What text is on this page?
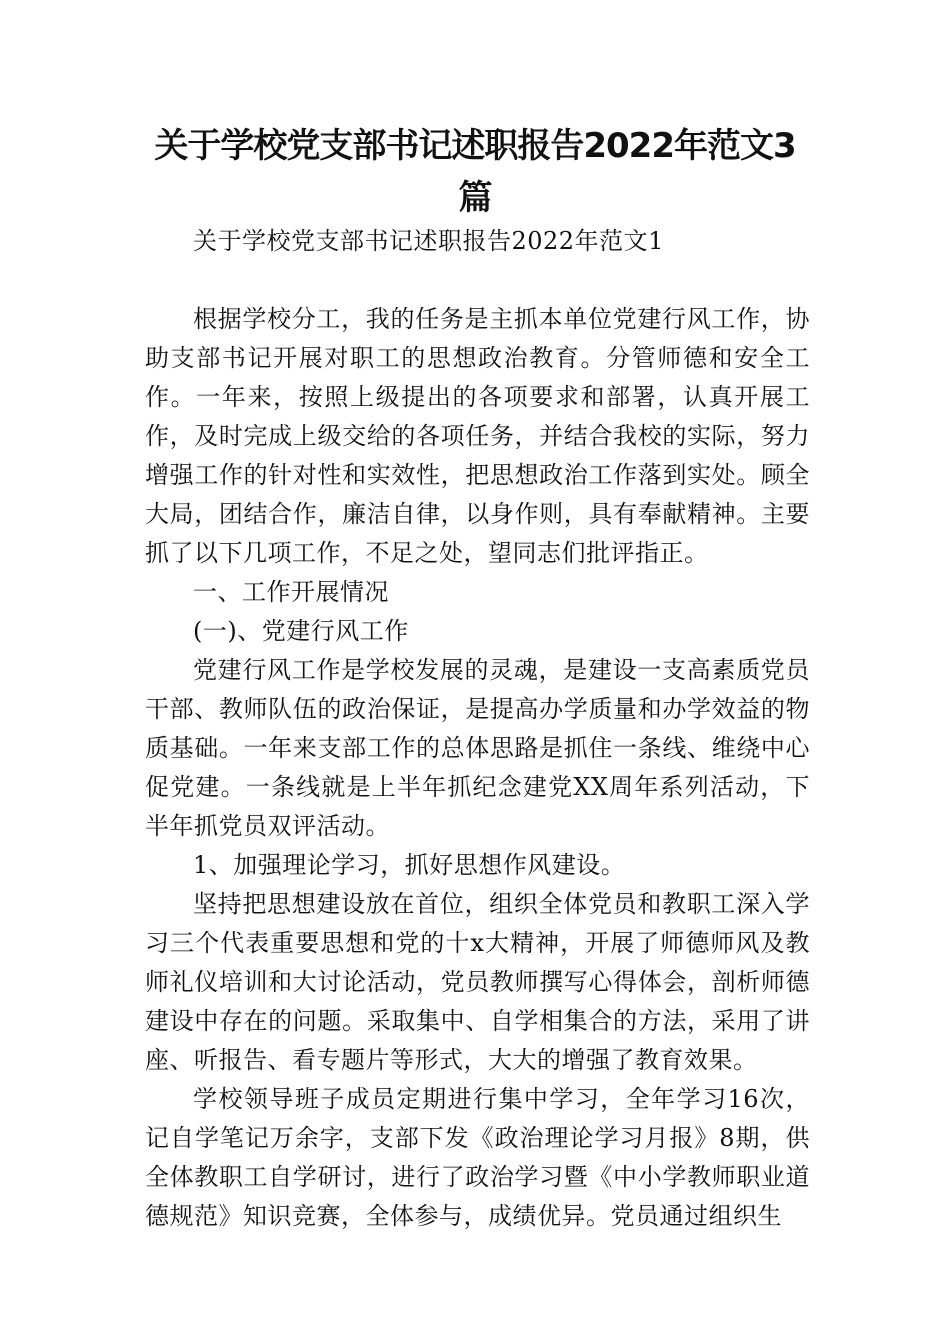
关于学校党支部书记述职报告2022年范文3篇

关于学校党支部书记述职报告2022年范文1

根据学校分工，我的任务是主抓本单位党建行风工作，协助支部书记开展对职工的思想政治教育。分管师德和安全工作。一年来，按照上级提出的各项要求和部署，认真开展工作，及时完成上级交给的各项任务，并结合我校的实际，努力增强工作的针对性和实效性，把思想政治工作落到实处。顾全大局，团结合作，廉洁自律，以身作则，具有奉献精神。主要抓了以下几项工作，不足之处，望同志们批评指正。

一、工作开展情况

(一)、党建行风工作

党建行风工作是学校发展的灵魂，是建设一支高素质党员干部、教师队伍的政治保证，是提高办学质量和办学效益的物质基础。一年来支部工作的总体思路是抓住一条线、维绕中心促党建。一条线就是上半年抓纪念建党XX周年系列活动，下半年抓党员双评活动。

1、加强理论学习，抓好思想作风建设。

坚持把思想建设放在首位，组织全体党员和教职工深入学习三个代表重要思想和党的十x大精神，开展了师德师风及教师礼仪培训和大讨论活动，党员教师撰写心得体会，剖析师德建设中存在的问题。采取集中、自学相集合的方法，采用了讲座、听报告、看专题片等形式，大大的增强了教育效果。

学校领导班子成员定期进行集中学习，全年学习16次，记自学笔记万余字，支部下发《政治理论学习月报》8期，供全体教职工自学研讨，进行了政治学习暨《中小学教师职业道德规范》知识竞赛，全体参与，成绩优异。党员通过组织生
